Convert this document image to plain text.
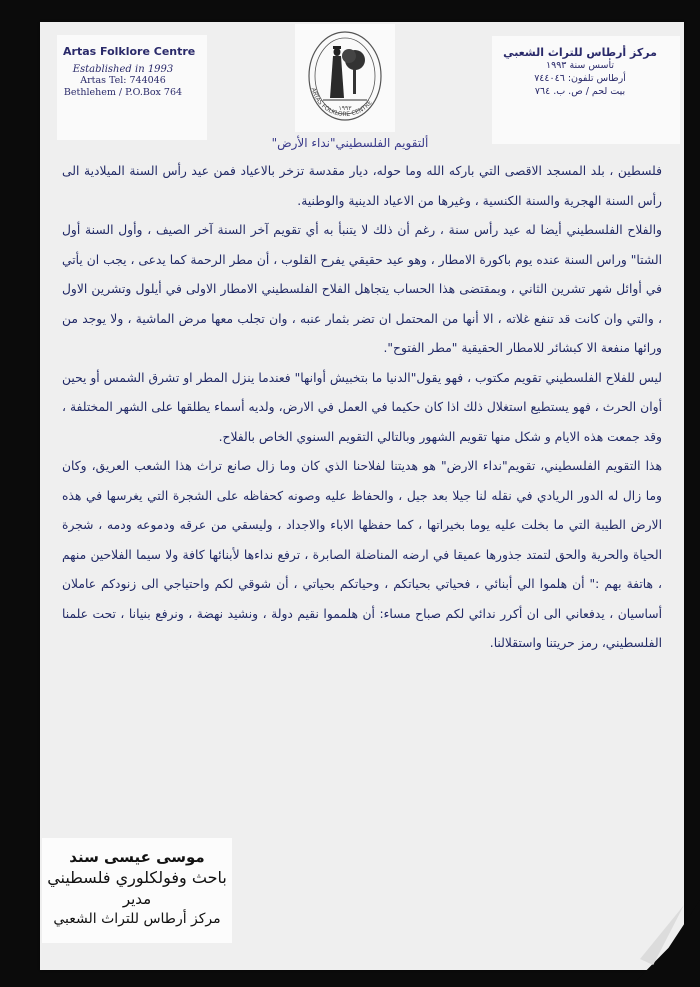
Artas Folklore Centre
Established in 1993
Artas Tel: 744046
Bethlehem / P.O.Box 764	ARTAS FOLKLORE CENTRE
١٩٩٣
مركز أرطاس للتراث الشعبي
تأسس سنة ١٩٩٣
أرطاس تلفون: ٧٤٤٠٤٦
بيت لحم / ص. ب. ٧٦٤
ألتقويم الفلسطيني"نداء الأرض"

فلسطين ، بلد المسجد الاقصى التي باركه الله وما حوله، ديار مقدسة تزخر بالاعياد فمن عيد رأس السنة الميلادية الى رأس السنة الهجرية والسنة الكنسية ، وغيرها من الاعياد الدينية والوطنية.

والفلاح الفلسطيني أيضا له عيد رأس سنة ، رغم أن ذلك لا يتنبأ به أي تقويم آخر السنة آخر الصيف ، وأول السنة أول الشتا" وراس السنة عنده يوم باكورة الامطار ، وهو عيد حقيقي يفرح القلوب ، أن مطر الرحمة كما يدعى ، يجب ان يأتي في أوائل شهر تشرين الثاني ، وبمقتضى هذا الحساب يتجاهل الفلاح الفلسطيني الامطار الاولى في أيلول وتشرين الاول ، والتي وان كانت قد تنفع غلاته ، الا أنها من المحتمل ان تضر بثمار عنبه ، وان تجلب معها مرض الماشية ، ولا يوجد من ورائها منفعة الا كبشائر للامطار الحقيقية "مطر الفتوح".

ليس للفلاح الفلسطيني تقويم مكتوب ، فهو يقول"الدنيا ما بتخبيش أوانها" فعندما ينزل المطر او تشرق الشمس أو يحين أوان الحرث ، فهو يستطيع استغلال ذلك اذا كان حكيما في العمل في الارض، ولديه أسماء يطلقها على الشهر المختلفة ، وقد جمعت هذه الايام و شكل منها تقويم الشهور وبالتالي التقويم السنوي الخاص بالفلاح.

هذا التقويم الفلسطيني، تقويم"نداء الارض" هو هديتنا لفلاحنا الذي كان وما زال صانع تراث هذا الشعب العريق، وكان وما زال له الدور الريادي في نقله لنا جيلا بعد جيل ، والحفاظ عليه وصونه كحفاظه على الشجرة التي يغرسها في هذه الارض الطيبة التي ما بخلت عليه يوما بخيراتها ، كما حفظها الاباء والاجداد ، وليسقي من عرقه ودموعه ودمه ، شجرة الحياة والحرية والحق لتمتد جذورها عميقا في ارضه المناضلة الصابرة ، ترفع نداءها لأبنائها كافة ولا سيما الفلاحين منهم ، هاتفة بهم :" أن هلموا الي أبنائي ، فحياتي بحياتكم ، وحياتكم بحياتي ، أن شوقي لكم واحتياجي الى زنودكم عاملان أساسيان ، يدفعاني الى ان أكرر ندائي لكم صباح مساء: أن هلمموا نقيم دولة ، ونشيد نهضة ، ونرفع بنيانا ، تحت علمنا الفلسطيني، رمز حريتنا واستقلالنا.

موسى عيسى سند
باحث وفولكلوري فلسطيني
مدير
مركز أرطاس للتراث الشعبي
